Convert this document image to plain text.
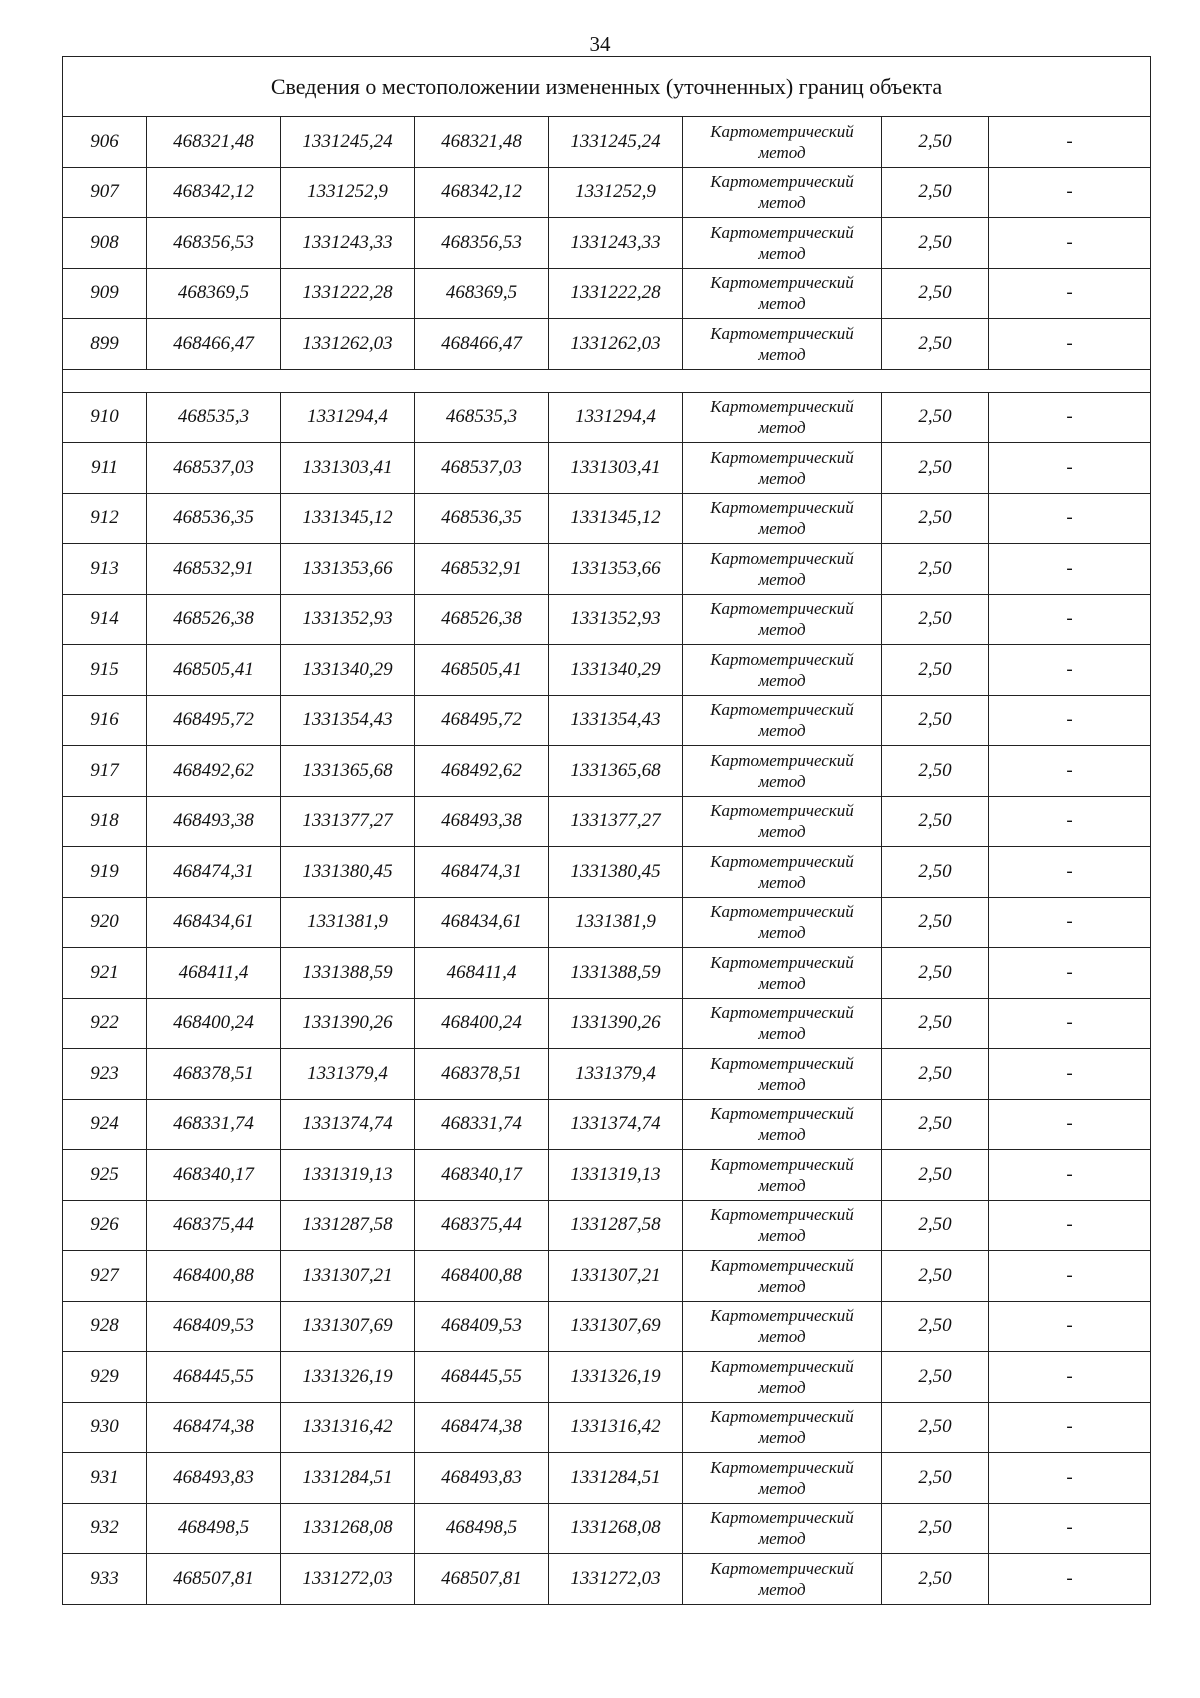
34
Сведения о местоположении измененных (уточненных) границ объекта							
906	468321,48	1331245,24	468321,48	1331245,24	Картометрический
метод	2,50	-
907	468342,12	1331252,9	468342,12	1331252,9	Картометрический
метод	2,50	-
908	468356,53	1331243,33	468356,53	1331243,33	Картометрический
метод	2,50	-
909	468369,5	1331222,28	468369,5	1331222,28	Картометрический
метод	2,50	-
899	468466,47	1331262,03	468466,47	1331262,03	Картометрический
метод	2,50	-

910	468535,3	1331294,4	468535,3	1331294,4	Картометрический
метод	2,50	-
911	468537,03	1331303,41	468537,03	1331303,41	Картометрический
метод	2,50	-
912	468536,35	1331345,12	468536,35	1331345,12	Картометрический
метод	2,50	-
913	468532,91	1331353,66	468532,91	1331353,66	Картометрический
метод	2,50	-
914	468526,38	1331352,93	468526,38	1331352,93	Картометрический
метод	2,50	-
915	468505,41	1331340,29	468505,41	1331340,29	Картометрический
метод	2,50	-
916	468495,72	1331354,43	468495,72	1331354,43	Картометрический
метод	2,50	-
917	468492,62	1331365,68	468492,62	1331365,68	Картометрический
метод	2,50	-
918	468493,38	1331377,27	468493,38	1331377,27	Картометрический
метод	2,50	-
919	468474,31	1331380,45	468474,31	1331380,45	Картометрический
метод	2,50	-
920	468434,61	1331381,9	468434,61	1331381,9	Картометрический
метод	2,50	-
921	468411,4	1331388,59	468411,4	1331388,59	Картометрический
метод	2,50	-
922	468400,24	1331390,26	468400,24	1331390,26	Картометрический
метод	2,50	-
923	468378,51	1331379,4	468378,51	1331379,4	Картометрический
метод	2,50	-
924	468331,74	1331374,74	468331,74	1331374,74	Картометрический
метод	2,50	-
925	468340,17	1331319,13	468340,17	1331319,13	Картометрический
метод	2,50	-
926	468375,44	1331287,58	468375,44	1331287,58	Картометрический
метод	2,50	-
927	468400,88	1331307,21	468400,88	1331307,21	Картометрический
метод	2,50	-
928	468409,53	1331307,69	468409,53	1331307,69	Картометрический
метод	2,50	-
929	468445,55	1331326,19	468445,55	1331326,19	Картометрический
метод	2,50	-
930	468474,38	1331316,42	468474,38	1331316,42	Картометрический
метод	2,50	-
931	468493,83	1331284,51	468493,83	1331284,51	Картометрический
метод	2,50	-
932	468498,5	1331268,08	468498,5	1331268,08	Картометрический
метод	2,50	-
933	468507,81	1331272,03	468507,81	1331272,03	Картометрический
метод	2,50	-
